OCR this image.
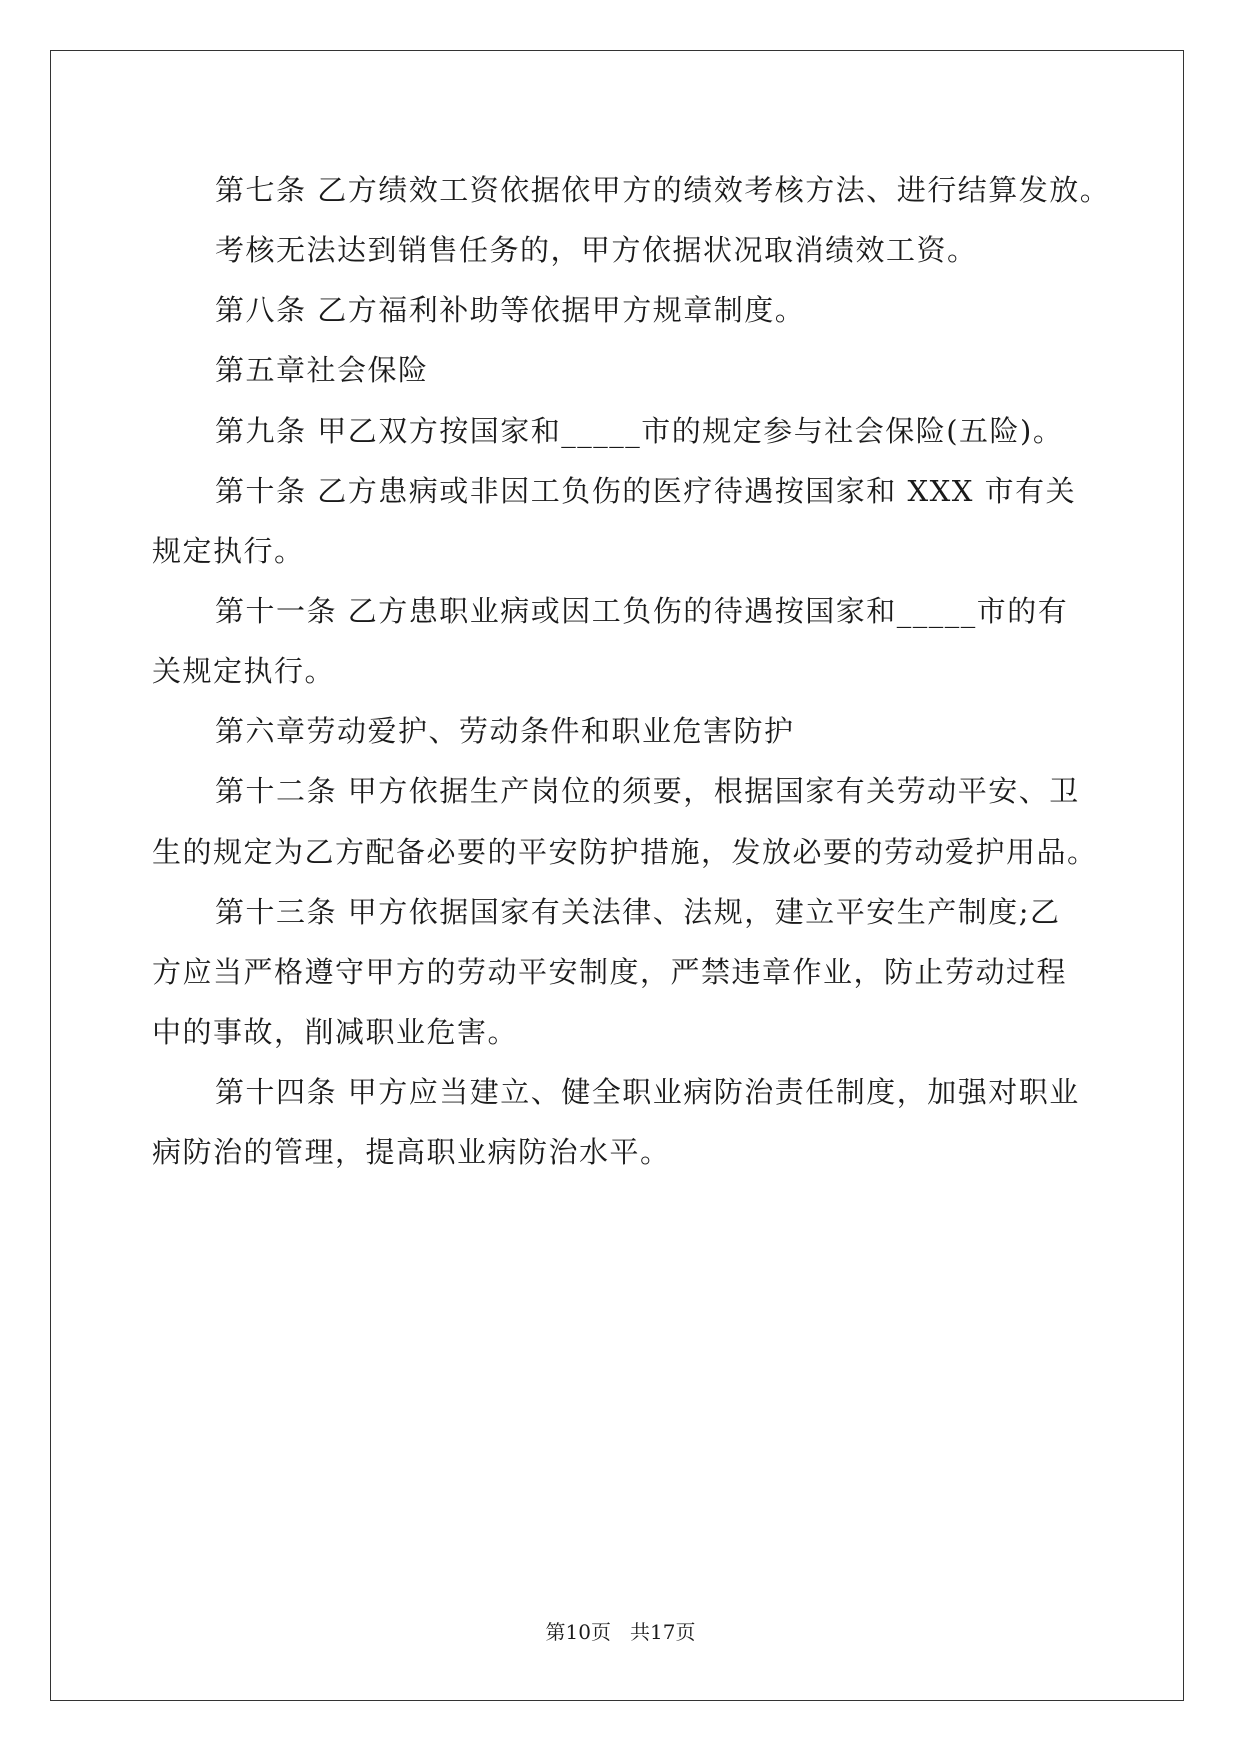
第七条 乙方绩效工资依据依甲方的绩效考核方法、进行结算发放。
考核无法达到销售任务的，甲方依据状况取消绩效工资。
第八条 乙方福利补助等依据甲方规章制度。
第五章社会保险
第九条 甲乙双方按国家和_____市的规定参与社会保险(五险)。
第十条 乙方患病或非因工负伤的医疗待遇按国家和 XXX 市有关
规定执行。
第十一条 乙方患职业病或因工负伤的待遇按国家和_____市的有
关规定执行。
第六章劳动爱护、劳动条件和职业危害防护
第十二条 甲方依据生产岗位的须要，根据国家有关劳动平安、卫
生的规定为乙方配备必要的平安防护措施，发放必要的劳动爱护用品。
第十三条 甲方依据国家有关法律、法规，建立平安生产制度;乙
方应当严格遵守甲方的劳动平安制度，严禁违章作业，防止劳动过程
中的事故，削减职业危害。
第十四条 甲方应当建立、健全职业病防治责任制度，加强对职业
病防治的管理，提高职业病防治水平。
第10页 共17页
